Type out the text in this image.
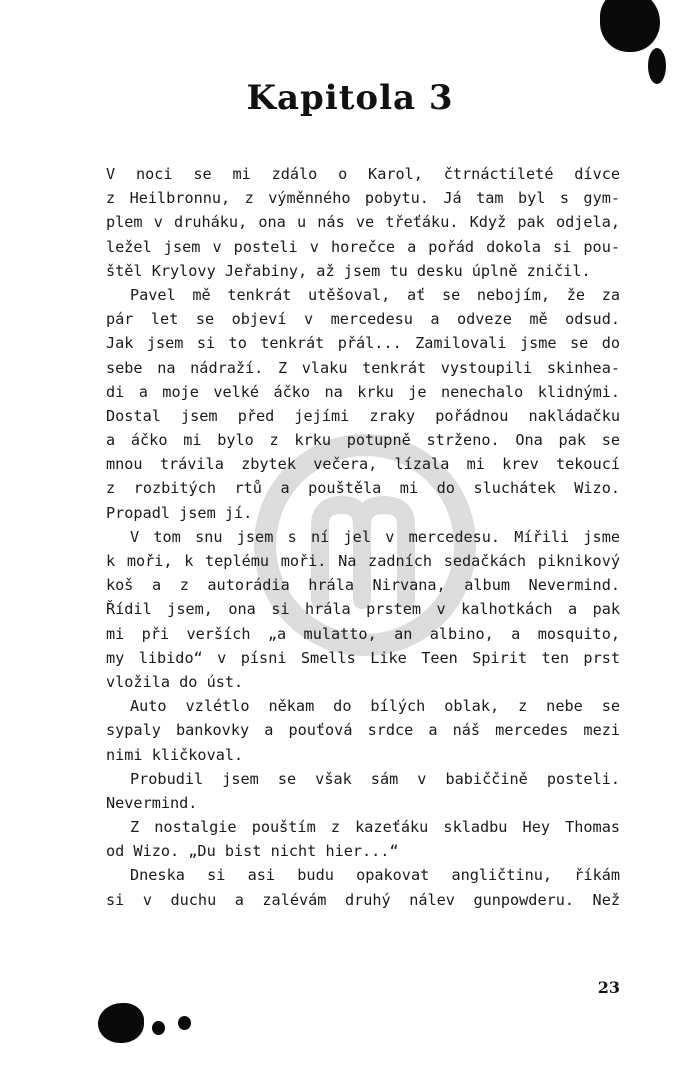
Kapitola 3
V noci se mi zdálo o Karol, čtrnáctileté dívce
z Heilbronnu, z výměnného pobytu. Já tam byl s gym-
plem v druháku, ona u nás ve třeťáku. Když pak odjela,
ležel jsem v posteli v horečce a pořád dokola si pou-
štěl Krylovy Jeřabiny, až jsem tu desku úplně zničil.
Pavel mě tenkrát utěšoval, ať se nebojím, že za
pár let se objeví v mercedesu a odveze mě odsud.
Jak jsem si to tenkrát přál... Zamilovali jsme se do
sebe na nádraží. Z vlaku tenkrát vystoupili skinhea-
di a moje velké áčko na krku je nenechalo klidnými.
Dostal jsem před jejími zraky pořádnou nakládačku
a áčko mi bylo z krku potupně strženo. Ona pak se
mnou trávila zbytek večera, lízala mi krev tekoucí
z rozbitých rtů a pouštěla mi do sluchátek Wizo.
Propadl jsem jí.
V tom snu jsem s ní jel v mercedesu. Mířili jsme
k moři, k teplému moři. Na zadních sedačkách piknikový
koš a z autorádia hrála Nirvana, album Nevermind.
Řídil jsem, ona si hrála prstem v kalhotkách a pak
mi při verších „a mulatto, an albino, a mosquito,
my libido“ v písni Smells Like Teen Spirit ten prst
vložila do úst.
Auto vzlétlo někam do bílých oblak, z nebe se
sypaly bankovky a pouťová srdce a náš mercedes mezi
nimi kličkoval.
Probudil jsem se však sám v babiččině posteli.
Nevermind.
Z nostalgie pouštím z kazeťáku skladbu Hey Thomas
od Wizo. „Du bist nicht hier...“
Dneska si asi budu opakovat angličtinu, říkám
si v duchu a zalévám druhý nálev gunpowderu. Než
23
